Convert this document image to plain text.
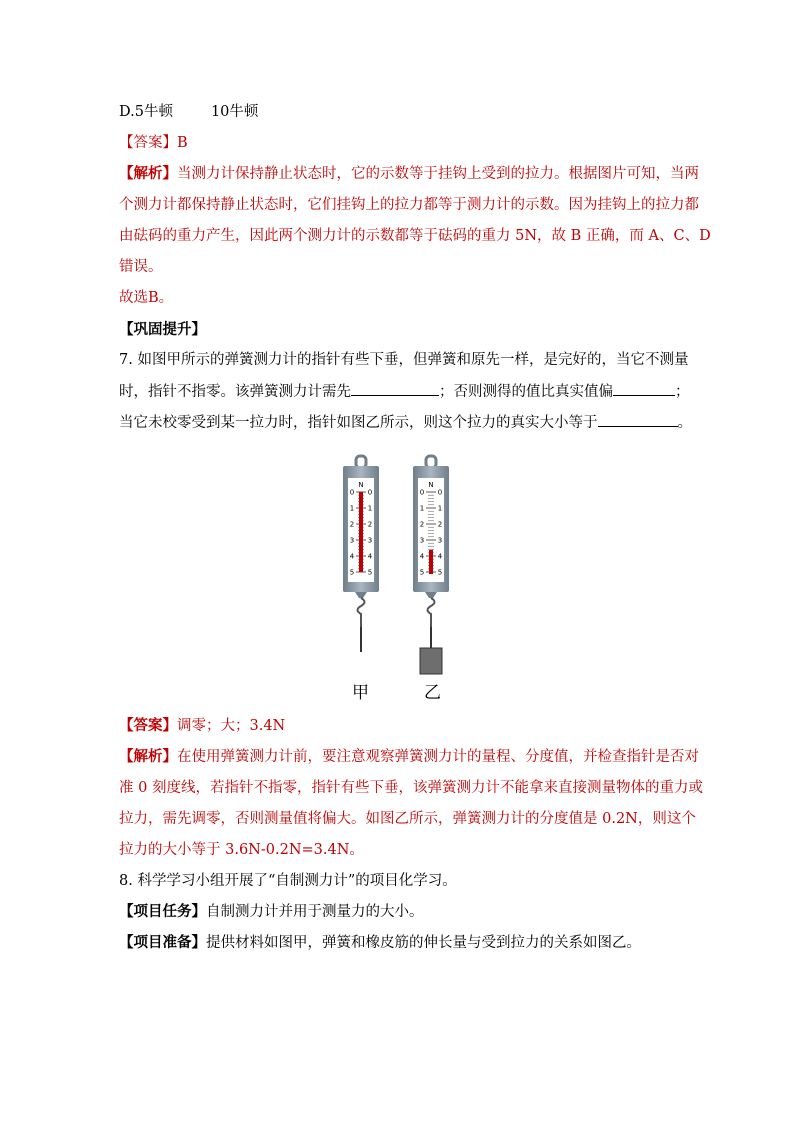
D.5牛顿	10牛顿
【答案】B
【解析】当测力计保持静止状态时，它的示数等于挂钩上受到的拉力。根据图片可知，当两
个测力计都保持静止状态时，它们挂钩上的拉力都等于测力计的示数。因为挂钩上的拉力都
由砝码的重力产生，因此两个测力计的示数都等于砝码的重力 5N，故 B 正确，而 A、C、D
错误。
故选B。
【巩固提升】
7. 如图甲所示的弹簧测力计的指针有些下垂，但弹簧和原先一样，是完好的，当它不测量
时，指针不指零。该弹簧测力计需先	；否则测得的值比真实值偏	；
当它未校零受到某一拉力时，指针如图乙所示，则这个拉力的真实大小等于	。
N
0 0
1 1
2 2
3 3
4 4
5 5
N
0 0
1 1
2 2
3 3
4 4
5 5
甲	乙
【答案】调零；大；3.4N
【解析】在使用弹簧测力计前，要注意观察弹簧测力计的量程、分度值，并检查指针是否对
准 0 刻度线，若指针不指零，指针有些下垂，该弹簧测力计不能拿来直接测量物体的重力或
拉力，需先调零，否则测量值将偏大。如图乙所示，弹簧测力计的分度值是 0.2N，则这个
拉力的大小等于 3.6N-0.2N=3.4N。
8. 科学学习小组开展了“自制测力计”的项目化学习。
【项目任务】自制测力计并用于测量力的大小。
【项目准备】提供材料如图甲，弹簧和橡皮筋的伸长量与受到拉力的关系如图乙。
